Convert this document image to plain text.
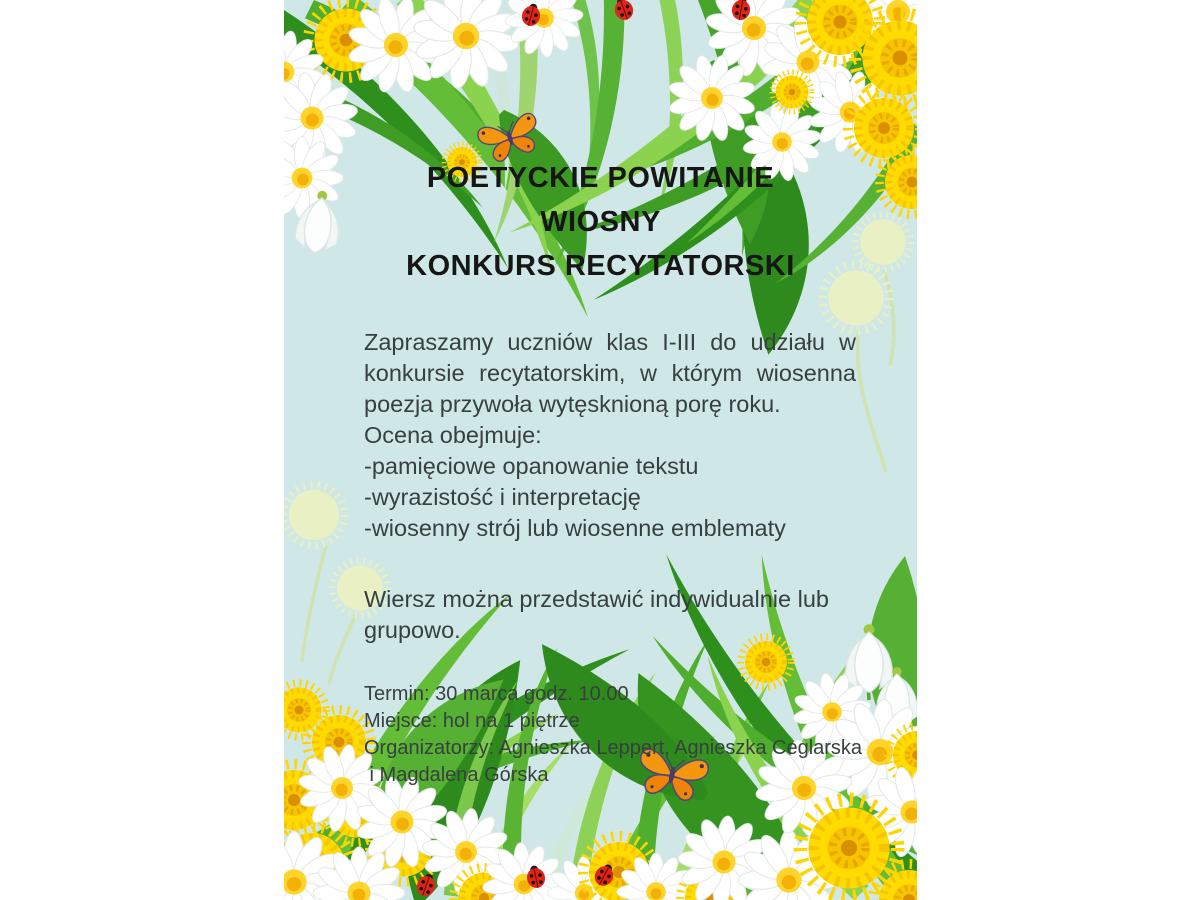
POETYCKIE POWITANIE
WIOSNY
KONKURS RECYTATORSKI

Zapraszamy uczniów klas I-III do udziału w konkursie recytatorskim, w którym wiosenna poezja przywoła wytęsknioną porę roku.

Ocena obejmuje:
-pamięciowe opanowanie tekstu
-wyrazistość i interpretację
-wiosenny strój lub wiosenne emblematy

Wiersz można przedstawić indywidualnie lub grupowo.

Termin: 30 marca godz. 10.00
Miejsce: hol na 1 piętrze
Organizatorzy: Agnieszka Leppert, Agnieszka Ceglarska
i Magdalena Górska
